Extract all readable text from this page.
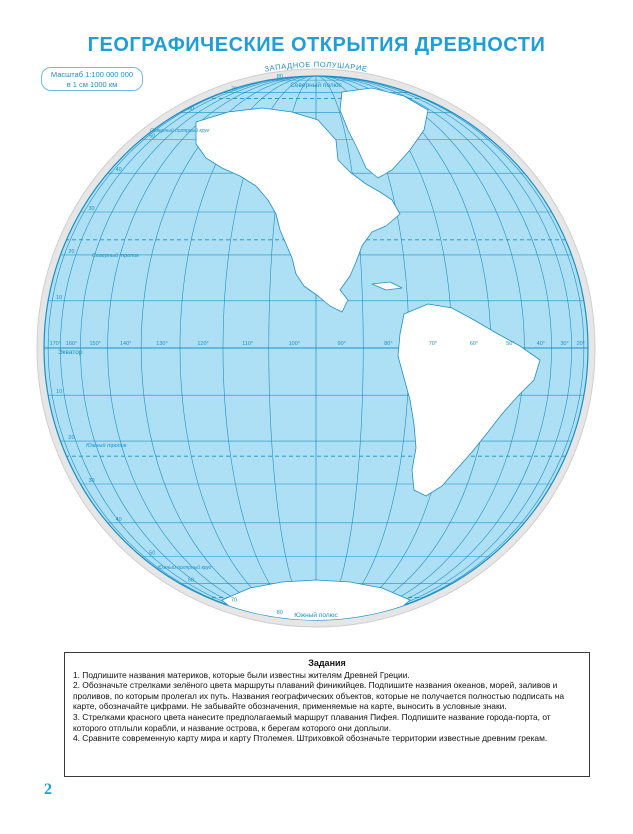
ГЕОГРАФИЧЕСКИЕ ОТКРЫТИЯ ДРЕВНОСТИ
Масштаб 1:100 000 000
в 1 см 1000 км
170° 160° 150°	140°	130°	120°	110°	100°	90°	80°	70°	60°	50°	40°	30° 20°
80
70
60
50
40
30
20
10
10
20
30
40
50
60
70
80
ЗАПАДНОЕ ПОЛУШАРИЕ
Северный полюс
Южный полюс
Экватор
Северный тропик
Южный тропик
Северный полярный круг
Южный полярный круг
Задания

1. Подпишите названия материков, которые были известны жителям Древней Греции.

2. Обозначьте стрелками зелёного цвета маршруты плаваний финикийцев. Подпишите названия океанов, морей, заливов и проливов, по которым пролегал их путь. Названия географических объектов, которые не получается полностью подписать на карте, обозначайте цифрами. Не забывайте обозначения, применяемые на карте, выносить в условные знаки.

3. Стрелками красного цвета нанесите предполагаемый маршрут плавания Пифея. Подпишите название города-порта, от которого отплыли корабли, и название острова, к берегам которого они доплыли.

4. Сравните современную карту мира и карту Птолемея. Штриховкой обозначьте территории известные древним грекам.

2
